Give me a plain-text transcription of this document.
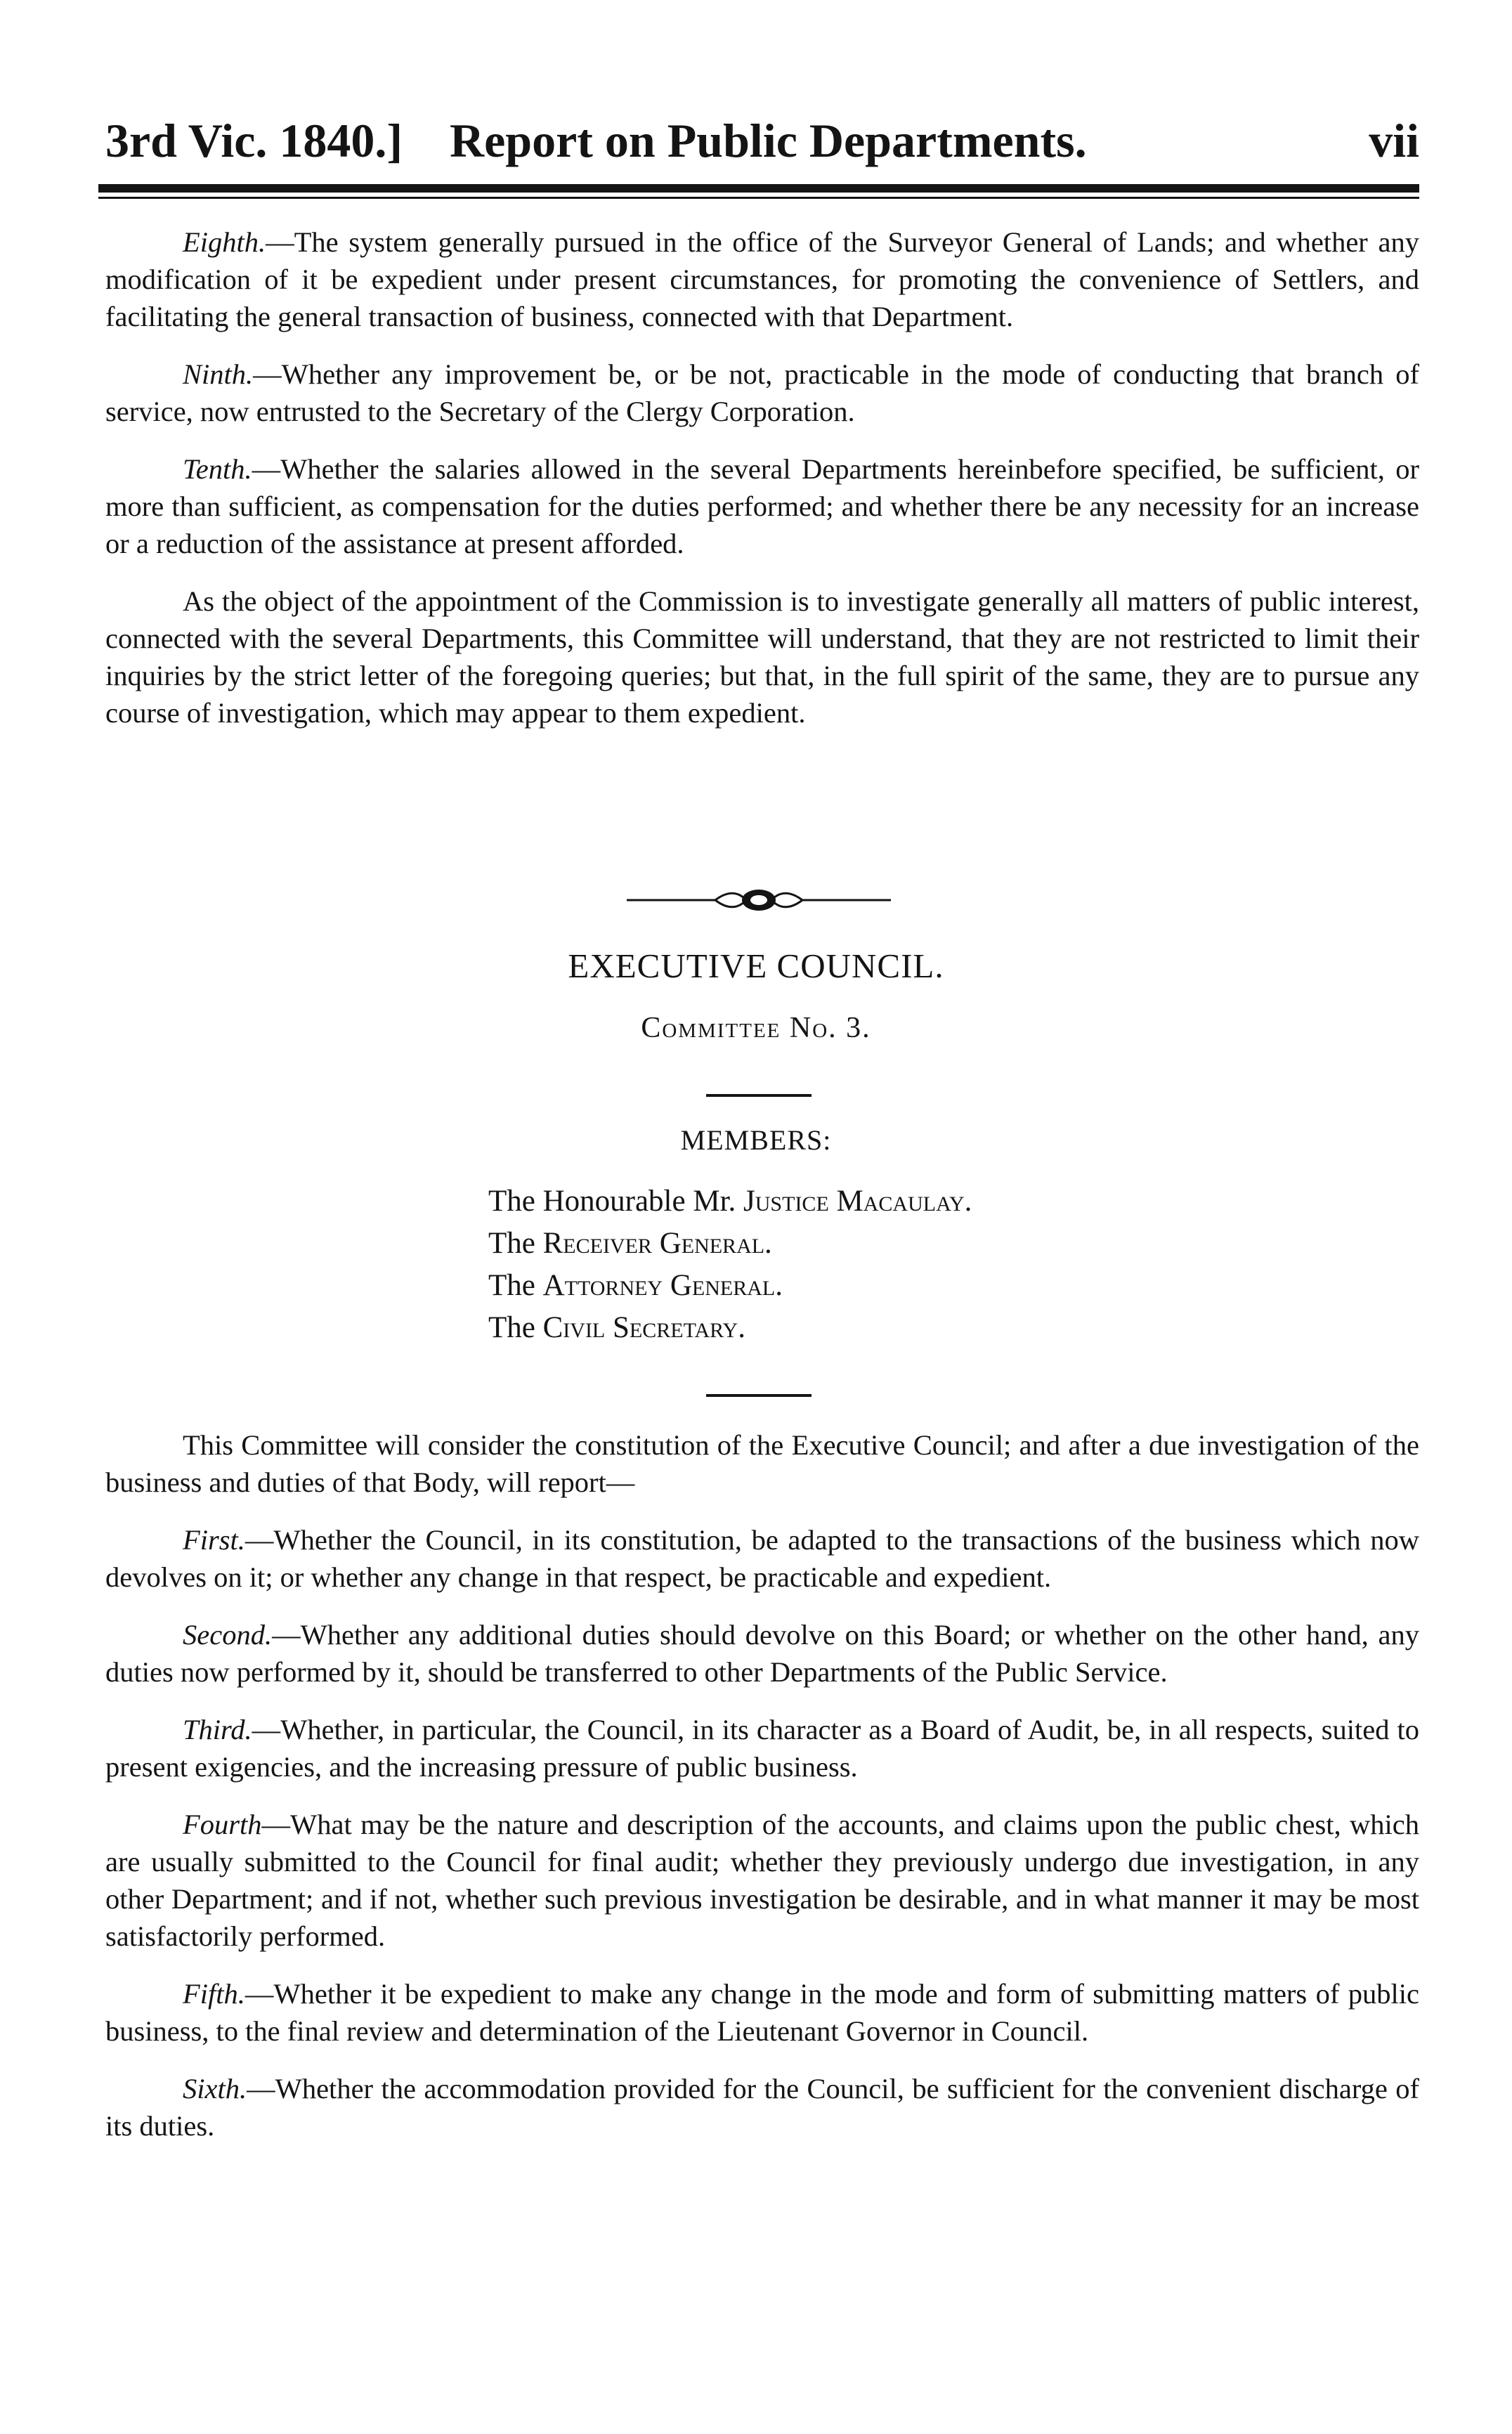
3rd Vic. 1840.] Report on Public Departments.	vii

Eighth.—The system generally pursued in the office of the Surveyor General of Lands; and whether any modification of it be expedient under present circumstances, for promoting the convenience of Settlers, and facilitating the general transaction of business, connected with that Department.

Ninth.—Whether any improvement be, or be not, practicable in the mode of conducting that branch of service, now entrusted to the Secretary of the Clergy Corporation.

Tenth.—Whether the salaries allowed in the several Departments hereinbefore specified, be sufficient, or more than sufficient, as compensation for the duties performed; and whether there be any necessity for an increase or a reduction of the assistance at present afforded.

As the object of the appointment of the Commission is to investigate generally all matters of public interest, connected with the several Departments, this Committee will understand, that they are not restricted to limit their inquiries by the strict letter of the foregoing queries; but that, in the full spirit of the same, they are to pursue any course of investigation, which may appear to them expedient.

EXECUTIVE COUNCIL.
Committee No. 3.
MEMBERS:
The Honourable Mr. Justice Macaulay.
The Receiver General.
The Attorney General.
The Civil Secretary.

This Committee will consider the constitution of the Executive Council; and after a due investigation of the business and duties of that Body, will report—

First.—Whether the Council, in its constitution, be adapted to the transactions of the business which now devolves on it; or whether any change in that respect, be practicable and expedient.

Second.—Whether any additional duties should devolve on this Board; or whether on the other hand, any duties now performed by it, should be transferred to other Departments of the Public Service.

Third.—Whether, in particular, the Council, in its character as a Board of Audit, be, in all respects, suited to present exigencies, and the increasing pressure of public business.

Fourth—What may be the nature and description of the accounts, and claims upon the public chest, which are usually submitted to the Council for final audit; whether they previously undergo due investigation, in any other Department; and if not, whether such previous investigation be desirable, and in what manner it may be most satisfactorily performed.

Fifth.—Whether it be expedient to make any change in the mode and form of submitting matters of public business, to the final review and determination of the Lieutenant Governor in Council.

Sixth.—Whether the accommodation provided for the Council, be sufficient for the convenient discharge of its duties.
